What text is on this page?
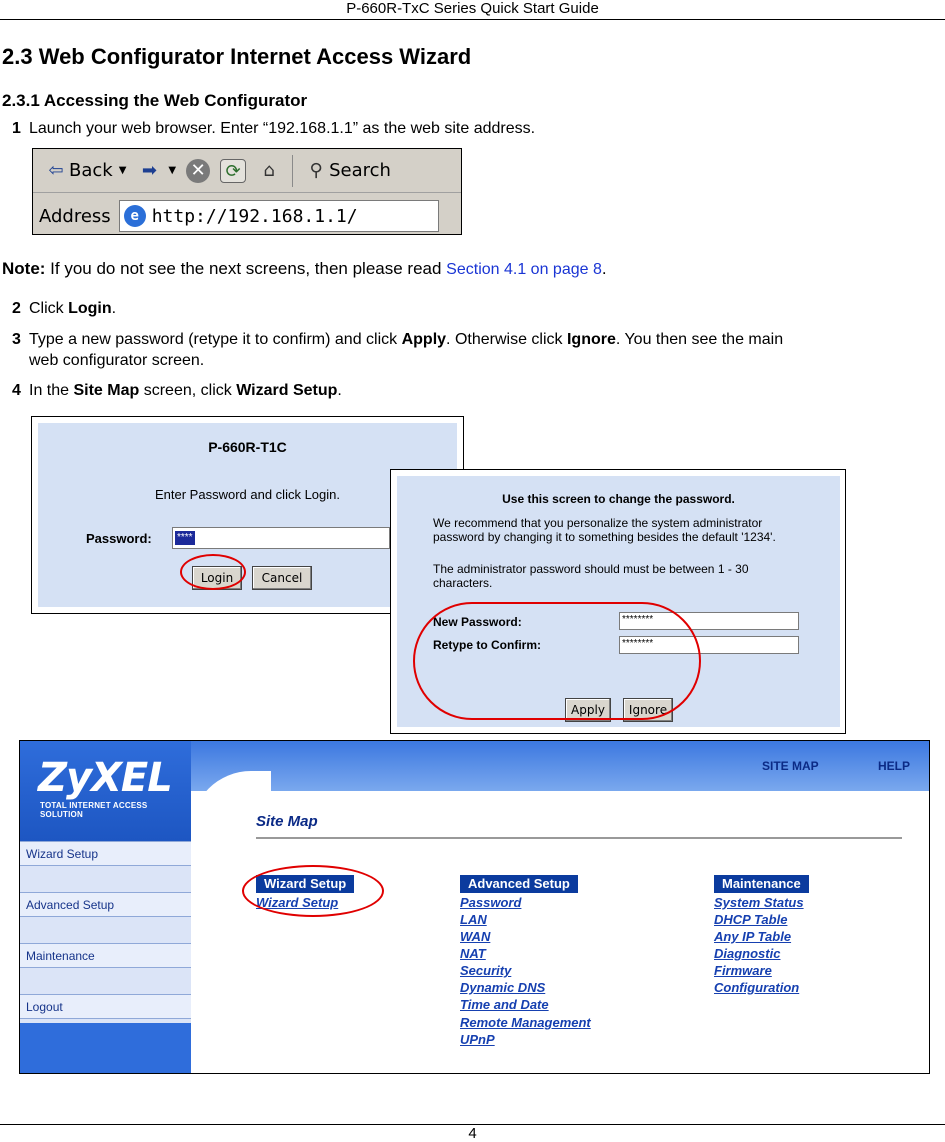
P-660R-TxC Series Quick Start Guide
2.3 Web Configurator Internet Access Wizard
2.3.1 Accessing the Web Configurator
1 Launch your web browser. Enter “192.168.1.1” as the web site address.
⇦ Back ▼ ➡	▼ ✕	⟳	⌂	⚲ Search
Address	e http://192.168.1.1/
Note: If you do not see the next screens, then please read Section 4.1 on page 8.
2 Click Login.
3 Type a new password (retype it to confirm) and click Apply. Otherwise click Ignore. You then see the main
web configurator screen.
4 In the Site Map screen, click Wizard Setup.
P-660R-T1C
Enter Password and click Login.
Password:	****
Login	Cancel
Use this screen to change the password.
We recommend that you personalize the system administrator
password by changing it to something besides the default '1234'.
The administrator password should must be between 1 - 30
characters.
New Password:	********
Retype to Confirm:	********
Apply	Ignore
ZyXEL
TOTAL INTERNET ACCESS SOLUTION
SITE MAP	HELP
Wizard Setup
Advanced Setup
Maintenance
Logout
Site Map
Wizard Setup
Wizard Setup
Advanced Setup
Password
LAN
WAN
NAT
Security
Dynamic DNS
Time and Date
Remote Management
UPnP
Maintenance
System Status
DHCP Table
Any IP Table
Diagnostic
Firmware
Configuration
4
